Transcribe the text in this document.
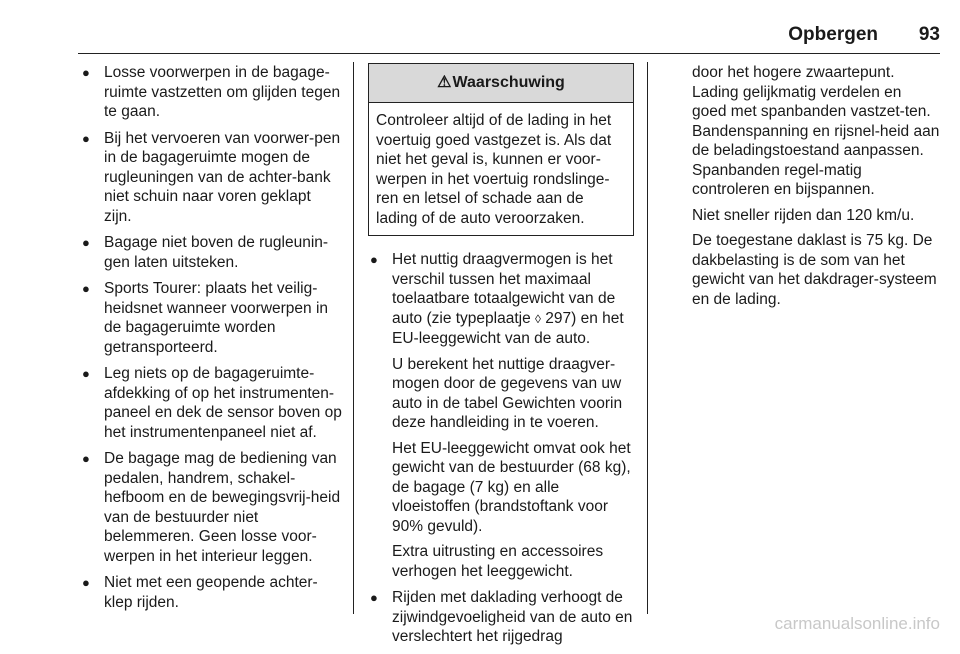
Opbergen 93
● Losse voorwerpen in de bagage-ruimte vastzetten om glijden tegen te gaan.
● Bij het vervoeren van voorwer-pen in de bagageruimte mogen de rugleuningen van de achter-bank niet schuin naar voren geklapt zijn.
● Bagage niet boven de rugleunin-gen laten uitsteken.
● Sports Tourer: plaats het veilig-heidsnet wanneer voorwerpen in de bagageruimte worden getransporteerd.
● Leg niets op de bagageruimte-afdekking of op het instrumenten-paneel en dek de sensor boven op het instrumentenpaneel niet af.
● De bagage mag de bediening van pedalen, handrem, schakel-hefboom en de bewegingsvrij-heid van de bestuurder niet belemmeren. Geen losse voor-werpen in het interieur leggen.
● Niet met een geopende achter-klep rijden.
⚠ Waarschuwing
Controleer altijd of de lading in het voertuig goed vastgezet is. Als dat niet het geval is, kunnen er voor-werpen in het voertuig rondslinge-ren en letsel of schade aan de lading of de auto veroorzaken.
● Het nuttig draagvermogen is het verschil tussen het maximaal toelaatbare totaalgewicht van de auto (zie typeplaatje ◊ 297) en het EU-leeggewicht van de auto.
U berekent het nuttige draagver-mogen door de gegevens van uw auto in de tabel Gewichten voorin deze handleiding in te voeren.
Het EU-leeggewicht omvat ook het gewicht van de bestuurder (68 kg), de bagage (7 kg) en alle vloeistoffen (brandstoftank voor 90% gevuld).
Extra uitrusting en accessoires verhogen het leeggewicht.
● Rijden met daklading verhoogt de zijwindgevoeligheid van de auto en verslechtert het rijgedrag

door het hogere zwaartepunt. Lading gelijkmatig verdelen en goed met spanbanden vastzet-ten. Bandenspanning en rijsnel-heid aan de beladingstoestand aanpassen. Spanbanden regel-matig controleren en bijspannen.

Niet sneller rijden dan 120 km/u.

De toegestane daklast is 75 kg. De dakbelasting is de som van het gewicht van het dakdrager-systeem en de lading.

carmanualsonline.info
